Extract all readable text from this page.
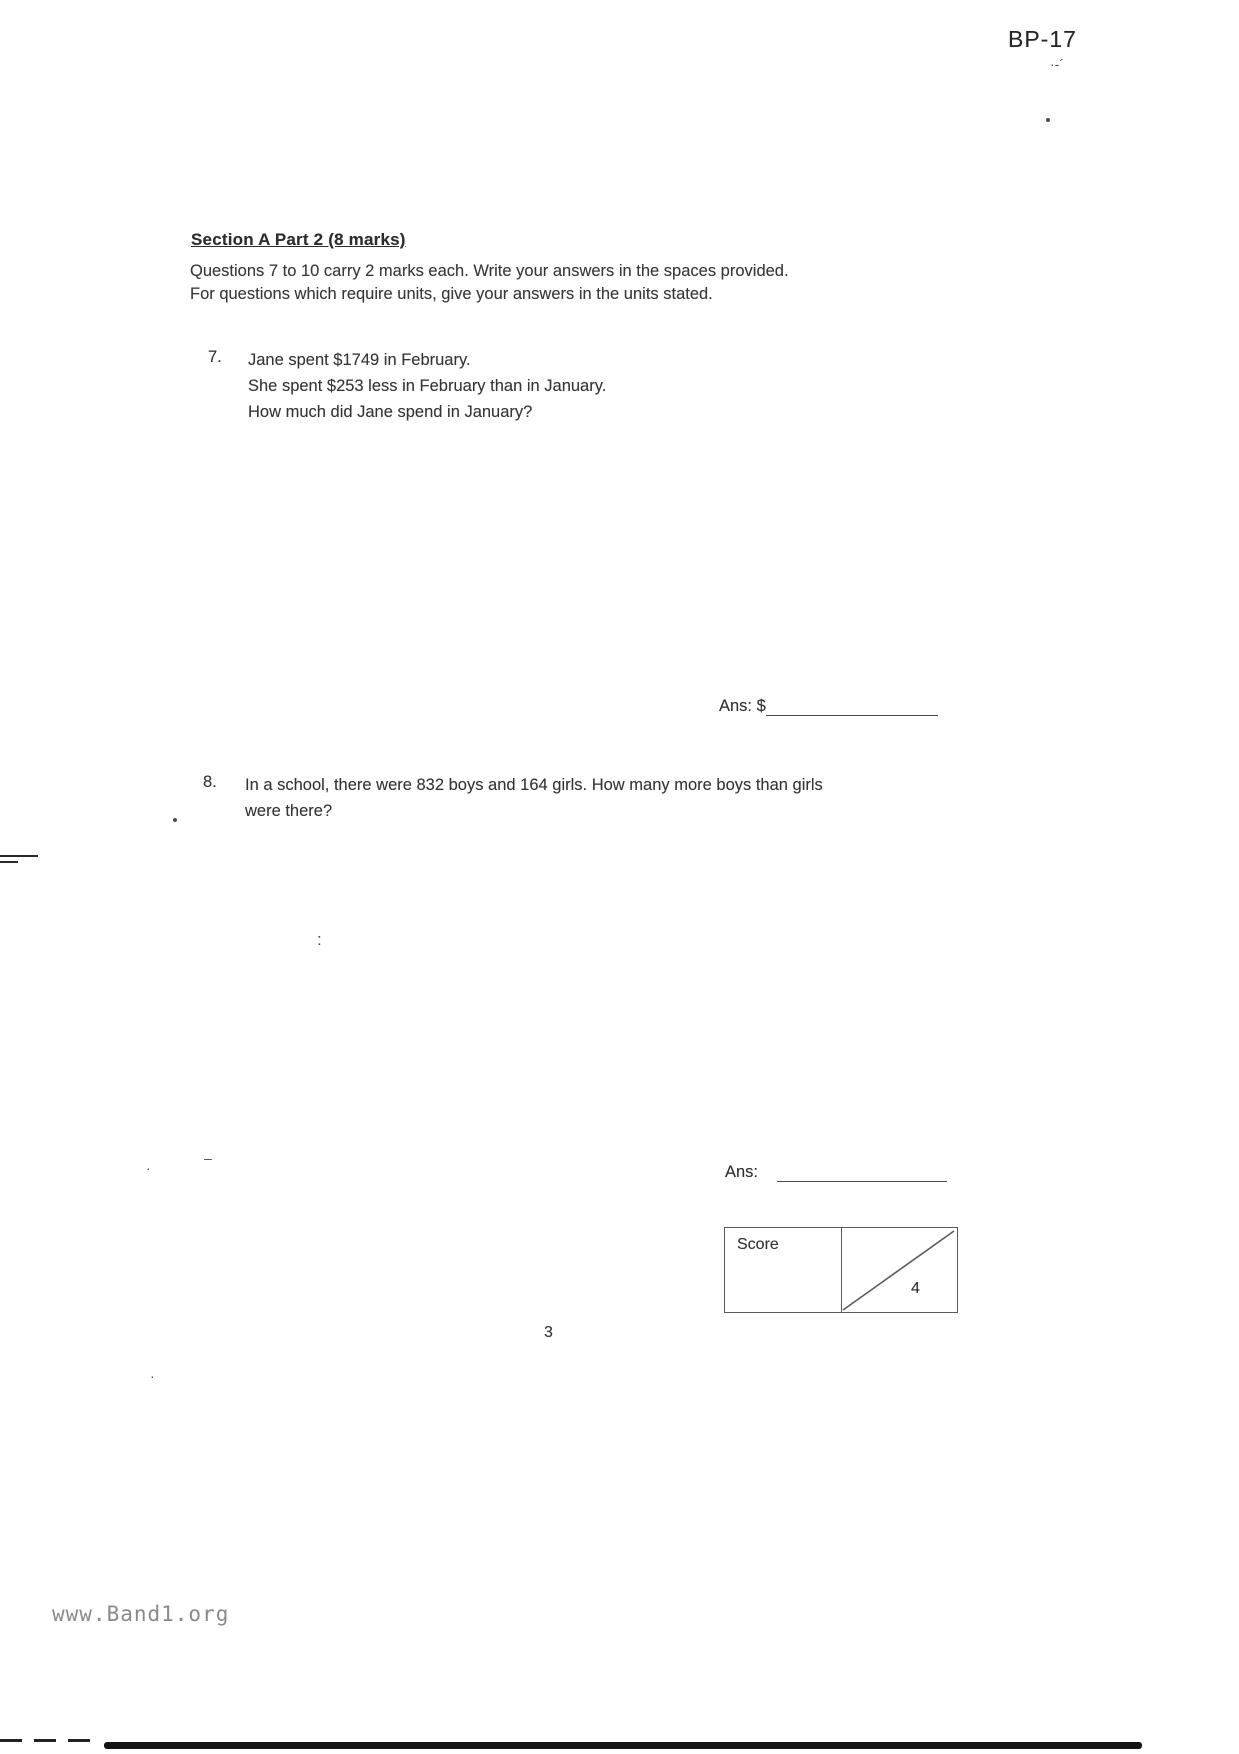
BP-17
·‑´
Section A Part 2 (8 marks)
Questions 7 to 10 carry 2 marks each. Write your answers in the spaces provided.
For questions which require units, give your answers in the units stated.
7. Jane spent $1749 in February.
She spent $253 less in February than in January.
How much did Jane spend in January?
Ans: $
8. In a school, there were 832 boys and 164 girls. How many more boys than girls
were there?
:
–
·	Ans:
Score
4
3
·
www.Band1.org
